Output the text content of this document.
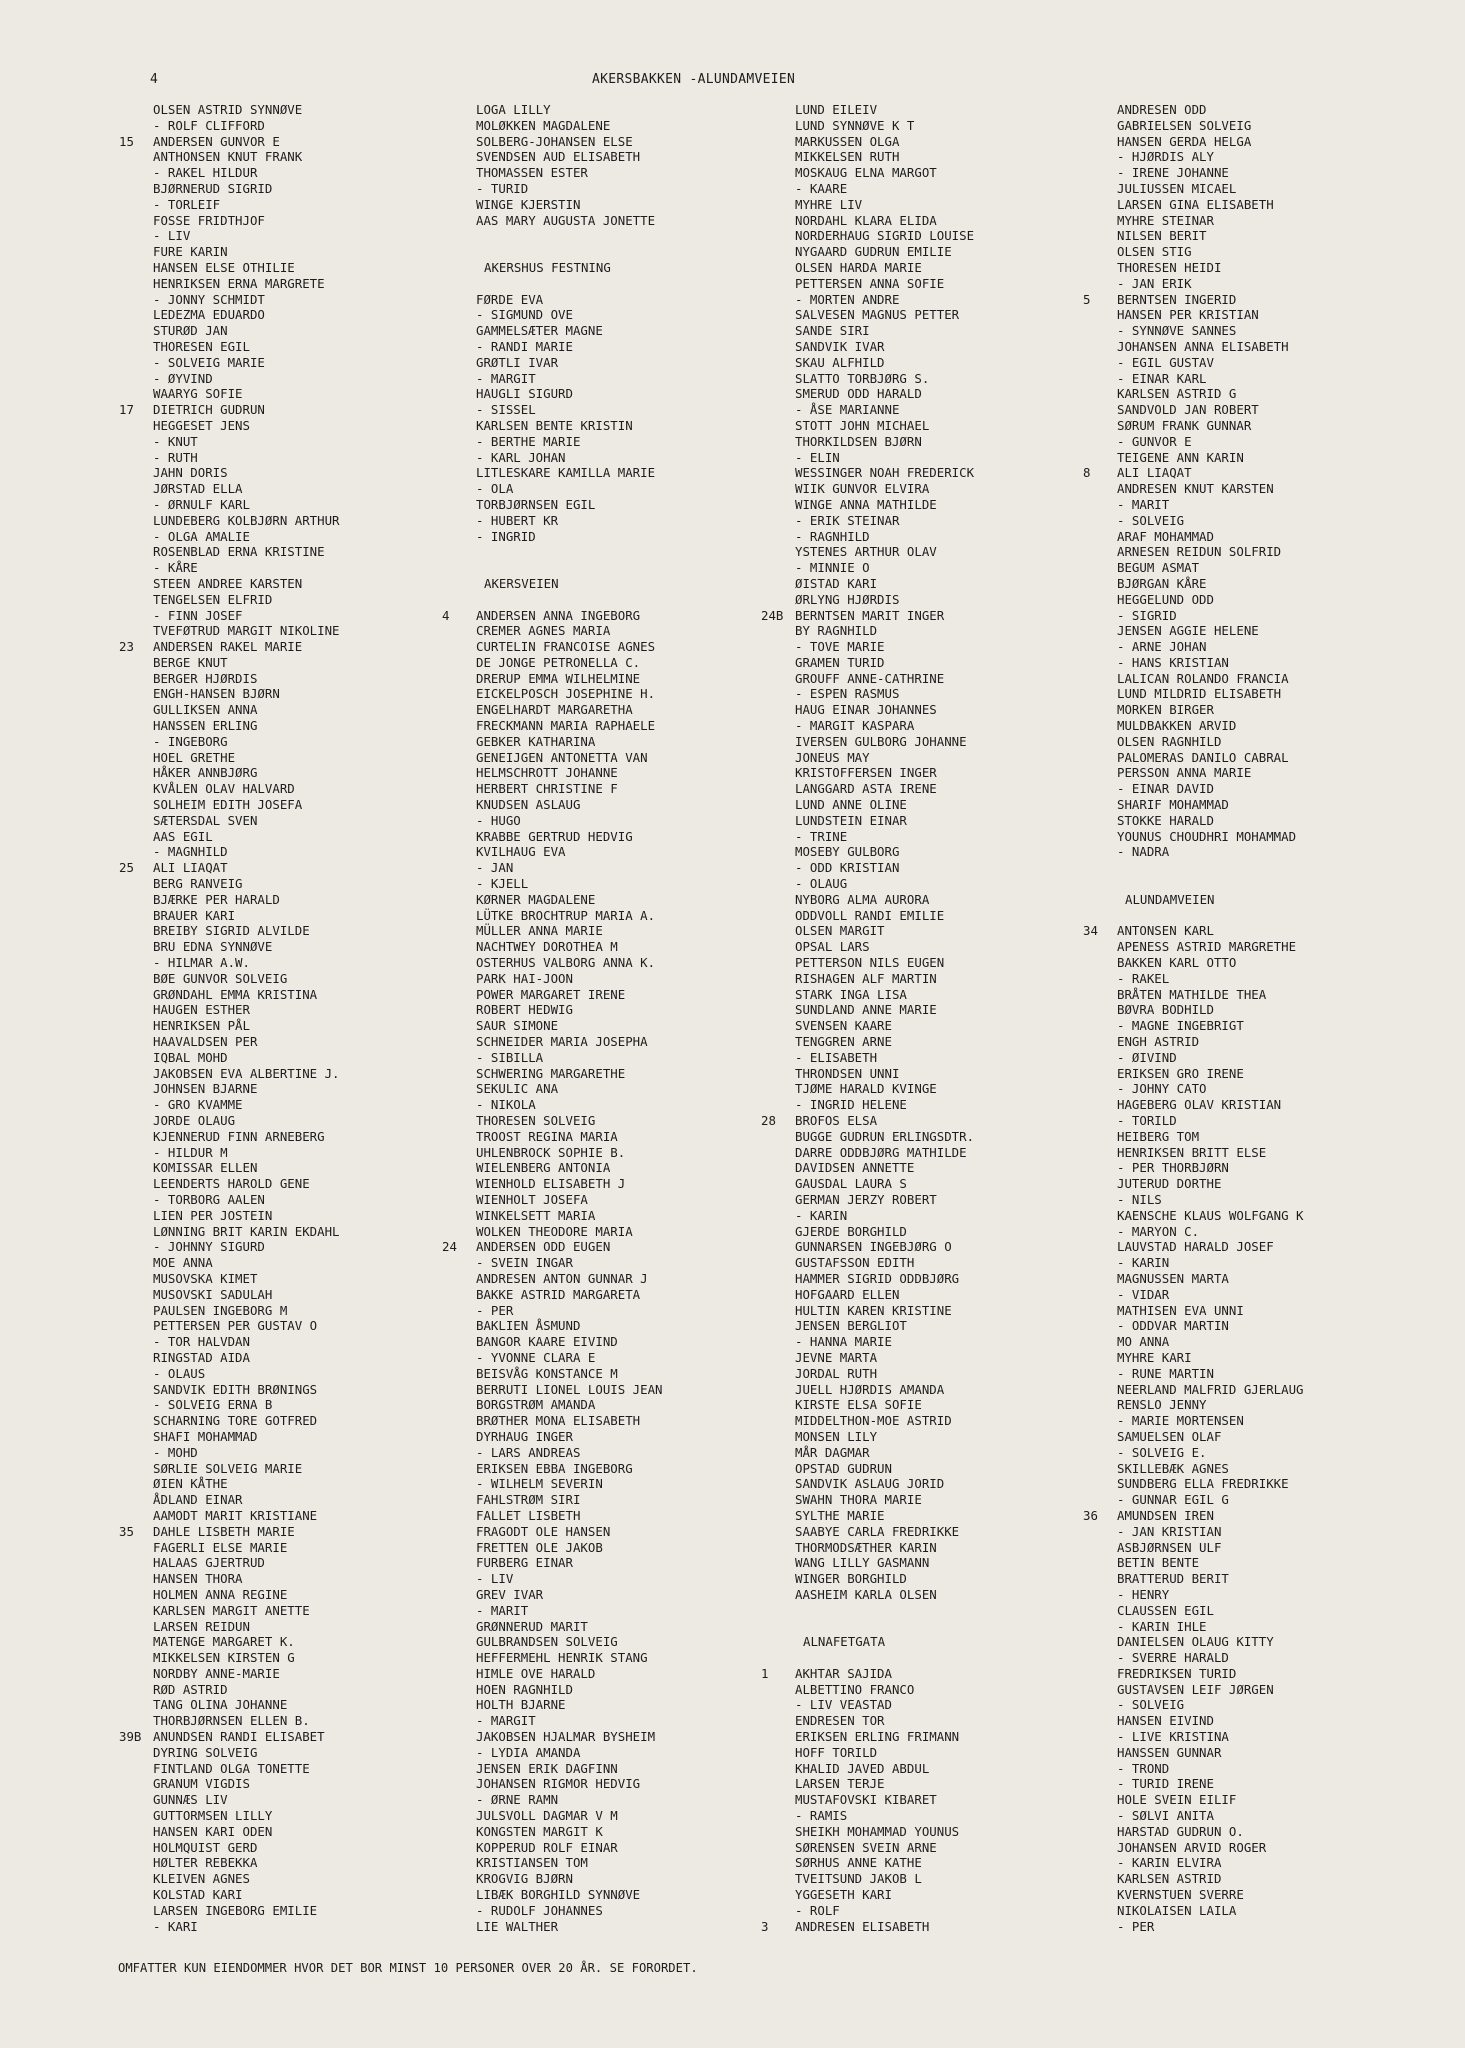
4	AKERSBAKKEN -ALUNDAMVEIEN
OLSEN ASTRID SYNNØVE
- ROLF CLIFFORD
15	ANDERSEN GUNVOR E
ANTHONSEN KNUT FRANK
- RAKEL HILDUR
BJØRNERUD SIGRID
- TORLEIF
FOSSE FRIDTHJOF
- LIV
FURE KARIN
HANSEN ELSE OTHILIE
HENRIKSEN ERNA MARGRETE
- JONNY SCHMIDT
LEDEZMA EDUARDO
STURØD JAN
THORESEN EGIL
- SOLVEIG MARIE
- ØYVIND
WAARYG SOFIE
17	DIETRICH GUDRUN
HEGGESET JENS
- KNUT
- RUTH
JAHN DORIS
JØRSTAD ELLA
- ØRNULF KARL
LUNDEBERG KOLBJØRN ARTHUR
- OLGA AMALIE
ROSENBLAD ERNA KRISTINE
- KÅRE
STEEN ANDREE KARSTEN
TENGELSEN ELFRID
- FINN JOSEF
TVEFØTRUD MARGIT NIKOLINE
23	ANDERSEN RAKEL MARIE
BERGE KNUT
BERGER HJØRDIS
ENGH-HANSEN BJØRN
GULLIKSEN ANNA
HANSSEN ERLING
- INGEBORG
HOEL GRETHE
HÅKER ANNBJØRG
KVÅLEN OLAV HALVARD
SOLHEIM EDITH JOSEFA
SÆTERSDAL SVEN
AAS EGIL
- MAGNHILD
25	ALI LIAQAT
BERG RANVEIG
BJÆRKE PER HARALD
BRAUER KARI
BREIBY SIGRID ALVILDE
BRU EDNA SYNNØVE
- HILMAR A.W.
BØE GUNVOR SOLVEIG
GRØNDAHL EMMA KRISTINA
HAUGEN ESTHER
HENRIKSEN PÅL
HAAVALDSEN PER
IQBAL MOHD
JAKOBSEN EVA ALBERTINE J.
JOHNSEN BJARNE
- GRO KVAMME
JORDE OLAUG
KJENNERUD FINN ARNEBERG
- HILDUR M
KOMISSAR ELLEN
LEENDERTS HAROLD GENE
- TORBORG AALEN
LIEN PER JOSTEIN
LØNNING BRIT KARIN EKDAHL
- JOHNNY SIGURD
MOE ANNA
MUSOVSKA KIMET
MUSOVSKI SADULAH
PAULSEN INGEBORG M
PETTERSEN PER GUSTAV O
- TOR HALVDAN
RINGSTAD AIDA
- OLAUS
SANDVIK EDITH BRØNINGS
- SOLVEIG ERNA B
SCHARNING TORE GOTFRED
SHAFI MOHAMMAD
- MOHD
SØRLIE SOLVEIG MARIE
ØIEN KÅTHE
ÅDLAND EINAR
AAMODT MARIT KRISTIANE
35	DAHLE LISBETH MARIE
FAGERLI ELSE MARIE
HALAAS GJERTRUD
HANSEN THORA
HOLMEN ANNA REGINE
KARLSEN MARGIT ANETTE
LARSEN REIDUN
MATENGE MARGARET K.
MIKKELSEN KIRSTEN G
NORDBY ANNE-MARIE
RØD ASTRID
TANG OLINA JOHANNE
THORBJØRNSEN ELLEN B.
39B ANUNDSEN RANDI ELISABET
DYRING SOLVEIG
FINTLAND OLGA TONETTE
GRANUM VIGDIS
GUNNÆS LIV
GUTTORMSEN LILLY
HANSEN KARI ODEN
HOLMQUIST GERD
HØLTER REBEKKA
KLEIVEN AGNES
KOLSTAD KARI
LARSEN INGEBORG EMILIE
- KARI
LOGA LILLY
MOLØKKEN MAGDALENE
SOLBERG-JOHANSEN ELSE
SVENDSEN AUD ELISABETH
THOMASSEN ESTER
- TURID
WINGE KJERSTIN
AAS MARY AUGUSTA JONETTE
AKERSHUS FESTNING
FØRDE EVA
- SIGMUND OVE
GAMMELSÆTER MAGNE
- RANDI MARIE
GRØTLI IVAR
- MARGIT
HAUGLI SIGURD
- SISSEL
KARLSEN BENTE KRISTIN
- BERTHE MARIE
- KARL JOHAN
LITLESKARE KAMILLA MARIE
- OLA
TORBJØRNSEN EGIL
- HUBERT KR
- INGRID
AKERSVEIEN
4	ANDERSEN ANNA INGEBORG
CREMER AGNES MARIA
CURTELIN FRANCOISE AGNES
DE JONGE PETRONELLA C.
DRERUP EMMA WILHELMINE
EICKELPOSCH JOSEPHINE H.
ENGELHARDT MARGARETHA
FRECKMANN MARIA RAPHAELE
GEBKER KATHARINA
GENEIJGEN ANTONETTA VAN
HELMSCHROTT JOHANNE
HERBERT CHRISTINE F
KNUDSEN ASLAUG
- HUGO
KRABBE GERTRUD HEDVIG
KVILHAUG EVA
- JAN
- KJELL
KØRNER MAGDALENE
LÜTKE BROCHTRUP MARIA A.
MÜLLER ANNA MARIE
NACHTWEY DOROTHEA M
OSTERHUS VALBORG ANNA K.
PARK HAI-JOON
POWER MARGARET IRENE
ROBERT HEDWIG
SAUR SIMONE
SCHNEIDER MARIA JOSEPHA
- SIBILLA
SCHWERING MARGARETHE
SEKULIC ANA
- NIKOLA
THORESEN SOLVEIG
TROOST REGINA MARIA
UHLENBROCK SOPHIE B.
WIELENBERG ANTONIA
WIENHOLD ELISABETH J
WIENHOLT JOSEFA
WINKELSETT MARIA
WOLKEN THEODORE MARIA
24	ANDERSEN ODD EUGEN
- SVEIN INGAR
ANDRESEN ANTON GUNNAR J
BAKKE ASTRID MARGARETA
- PER
BAKLIEN ÅSMUND
BANGOR KAARE EIVIND
- YVONNE CLARA E
BEISVÅG KONSTANCE M
BERRUTI LIONEL LOUIS JEAN
BORGSTRØM AMANDA
BRØTHER MONA ELISABETH
DYRHAUG INGER
- LARS ANDREAS
ERIKSEN EBBA INGEBORG
- WILHELM SEVERIN
FAHLSTRØM SIRI
FALLET LISBETH
FRAGODT OLE HANSEN
FRETTEN OLE JAKOB
FURBERG EINAR
- LIV
GREV IVAR
- MARIT
GRØNNERUD MARIT
GULBRANDSEN SOLVEIG
HEFFERMEHL HENRIK STANG
HIMLE OVE HARALD
HOEN RAGNHILD
HOLTH BJARNE
- MARGIT
JAKOBSEN HJALMAR BYSHEIM
- LYDIA AMANDA
JENSEN ERIK DAGFINN
JOHANSEN RIGMOR HEDVIG
- ØRNE RAMN
JULSVOLL DAGMAR V M
KONGSTEN MARGIT K
KOPPERUD ROLF EINAR
KRISTIANSEN TOM
KROGVIG BJØRN
LIBÆK BORGHILD SYNNØVE
- RUDOLF JOHANNES
LIE WALTHER
LUND EILEIV
LUND SYNNØVE K T
MARKUSSEN OLGA
MIKKELSEN RUTH
MOSKAUG ELNA MARGOT
- KAARE
MYHRE LIV
NORDAHL KLARA ELIDA
NORDERHAUG SIGRID LOUISE
NYGAARD GUDRUN EMILIE
OLSEN HARDA MARIE
PETTERSEN ANNA SOFIE
- MORTEN ANDRE
SALVESEN MAGNUS PETTER
SANDE SIRI
SANDVIK IVAR
SKAU ALFHILD
SLATTO TORBJØRG S.
SMERUD ODD HARALD
- ÅSE MARIANNE
STOTT JOHN MICHAEL
THORKILDSEN BJØRN
- ELIN
WESSINGER NOAH FREDERICK
WIIK GUNVOR ELVIRA
WINGE ANNA MATHILDE
- ERIK STEINAR
- RAGNHILD
YSTENES ARTHUR OLAV
- MINNIE O
ØISTAD KARI
ØRLYNG HJØRDIS
24B BERNTSEN MARIT INGER
BY RAGNHILD
- TOVE MARIE
GRAMEN TURID
GROUFF ANNE-CATHRINE
- ESPEN RASMUS
HAUG EINAR JOHANNES
- MARGIT KASPARA
IVERSEN GULBORG JOHANNE
JONEUS MAY
KRISTOFFERSEN INGER
LANGGARD ASTA IRENE
LUND ANNE OLINE
LUNDSTEIN EINAR
- TRINE
MOSEBY GULBORG
- ODD KRISTIAN
- OLAUG
NYBORG ALMA AURORA
ODDVOLL RANDI EMILIE
OLSEN MARGIT
OPSAL LARS
PETTERSON NILS EUGEN
RISHAGEN ALF MARTIN
STARK INGA LISA
SUNDLAND ANNE MARIE
SVENSEN KAARE
TENGGREN ARNE
- ELISABETH
THRONDSEN UNNI
TJØME HARALD KVINGE
- INGRID HELENE
28	BROFOS ELSA
BUGGE GUDRUN ERLINGSDTR.
DARRE ODDBJØRG MATHILDE
DAVIDSEN ANNETTE
GAUSDAL LAURA S
GERMAN JERZY ROBERT
- KARIN
GJERDE BORGHILD
GUNNARSEN INGEBJØRG O
GUSTAFSSON EDITH
HAMMER SIGRID ODDBJØRG
HOFGAARD ELLEN
HULTIN KAREN KRISTINE
JENSEN BERGLIOT
- HANNA MARIE
JEVNE MARTA
JORDAL RUTH
JUELL HJØRDIS AMANDA
KIRSTE ELSA SOFIE
MIDDELTHON-MOE ASTRID
MONSEN LILY
MÅR DAGMAR
OPSTAD GUDRUN
SANDVIK ASLAUG JORID
SWAHN THORA MARIE
SYLTHE MARIE
SAABYE CARLA FREDRIKKE
THORMODSÆTHER KARIN
WANG LILLY GASMANN
WINGER BORGHILD
AASHEIM KARLA OLSEN
ALNAFETGATA
1	AKHTAR SAJIDA
ALBETTINO FRANCO
- LIV VEASTAD
ENDRESEN TOR
ERIKSEN ERLING FRIMANN
HOFF TORILD
KHALID JAVED ABDUL
LARSEN TERJE
MUSTAFOVSKI KIBARET
- RAMIS
SHEIKH MOHAMMAD YOUNUS
SØRENSEN SVEIN ARNE
SØRHUS ANNE KATHE
TVEITSUND JAKOB L
YGGESETH KARI
- ROLF
3	ANDRESEN ELISABETH
ANDRESEN ODD
GABRIELSEN SOLVEIG
HANSEN GERDA HELGA
- HJØRDIS ALY
- IRENE JOHANNE
JULIUSSEN MICAEL
LARSEN GINA ELISABETH
MYHRE STEINAR
NILSEN BERIT
OLSEN STIG
THORESEN HEIDI
- JAN ERIK
5	BERNTSEN INGERID
HANSEN PER KRISTIAN
- SYNNØVE SANNES
JOHANSEN ANNA ELISABETH
- EGIL GUSTAV
- EINAR KARL
KARLSEN ASTRID G
SANDVOLD JAN ROBERT
SØRUM FRANK GUNNAR
- GUNVOR E
TEIGENE ANN KARIN
8	ALI LIAQAT
ANDRESEN KNUT KARSTEN
- MARIT
- SOLVEIG
ARAF MOHAMMAD
ARNESEN REIDUN SOLFRID
BEGUM ASMAT
BJØRGAN KÅRE
HEGGELUND ODD
- SIGRID
JENSEN AGGIE HELENE
- ARNE JOHAN
- HANS KRISTIAN
LALICAN ROLANDO FRANCIA
LUND MILDRID ELISABETH
MORKEN BIRGER
MULDBAKKEN ARVID
OLSEN RAGNHILD
PALOMERAS DANILO CABRAL
PERSSON ANNA MARIE
- EINAR DAVID
SHARIF MOHAMMAD
STOKKE HARALD
YOUNUS CHOUDHRI MOHAMMAD
- NADRA
ALUNDAMVEIEN
34	ANTONSEN KARL
APENESS ASTRID MARGRETHE
BAKKEN KARL OTTO
- RAKEL
BRÅTEN MATHILDE THEA
BØVRA BODHILD
- MAGNE INGEBRIGT
ENGH ASTRID
- ØIVIND
ERIKSEN GRO IRENE
- JOHNY CATO
HAGEBERG OLAV KRISTIAN
- TORILD
HEIBERG TOM
HENRIKSEN BRITT ELSE
- PER THORBJØRN
JUTERUD DORTHE
- NILS
KAENSCHE KLAUS WOLFGANG K
- MARYON C.
LAUVSTAD HARALD JOSEF
- KARIN
MAGNUSSEN MARTA
- VIDAR
MATHISEN EVA UNNI
- ODDVAR MARTIN
MO ANNA
MYHRE KARI
- RUNE MARTIN
NEERLAND MALFRID GJERLAUG
RENSLO JENNY
- MARIE MORTENSEN
SAMUELSEN OLAF
- SOLVEIG E.
SKILLEBÆK AGNES
SUNDBERG ELLA FREDRIKKE
- GUNNAR EGIL G
36	AMUNDSEN IREN
- JAN KRISTIAN
ASBJØRNSEN ULF
BETIN BENTE
BRATTERUD BERIT
- HENRY
CLAUSSEN EGIL
- KARIN IHLE
DANIELSEN OLAUG KITTY
- SVERRE HARALD
FREDRIKSEN TURID
GUSTAVSEN LEIF JØRGEN
- SOLVEIG
HANSEN EIVIND
- LIVE KRISTINA
HANSSEN GUNNAR
- TROND
- TURID IRENE
HOLE SVEIN EILIF
- SØLVI ANITA
HARSTAD GUDRUN O.
JOHANSEN ARVID ROGER
- KARIN ELVIRA
KARLSEN ASTRID
KVERNSTUEN SVERRE
NIKOLAISEN LAILA
- PER
OMFATTER KUN EIENDOMMER HVOR DET BOR MINST 10 PERSONER OVER 20 ÅR. SE FORORDET.
